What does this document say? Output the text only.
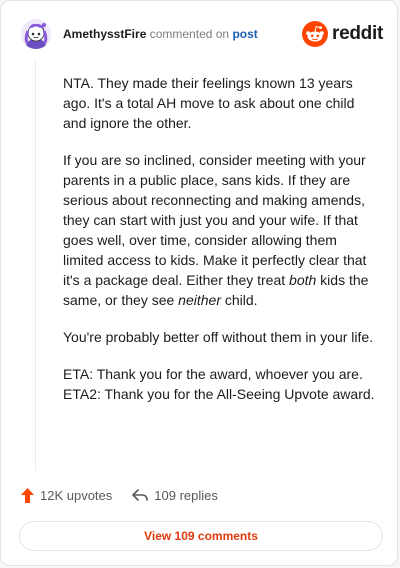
AmethysstFire commented on post	reddit

NTA. They made their feelings known 13 years ago. It's a total AH move to ask about one child and ignore the other.

If you are so inclined, consider meeting with your parents in a public place, sans kids. If they are serious about reconnecting and making amends, they can start with just you and your wife. If that goes well, over time, consider allowing them limited access to kids. Make it perfectly clear that it's a package deal. Either they treat both kids the same, or they see neither child.

You're probably better off without them in your life.

ETA: Thank you for the award, whoever you are. ETA2: Thank you for the All-Seeing Upvote award.

12K upvotes	109 replies
View 109 comments
